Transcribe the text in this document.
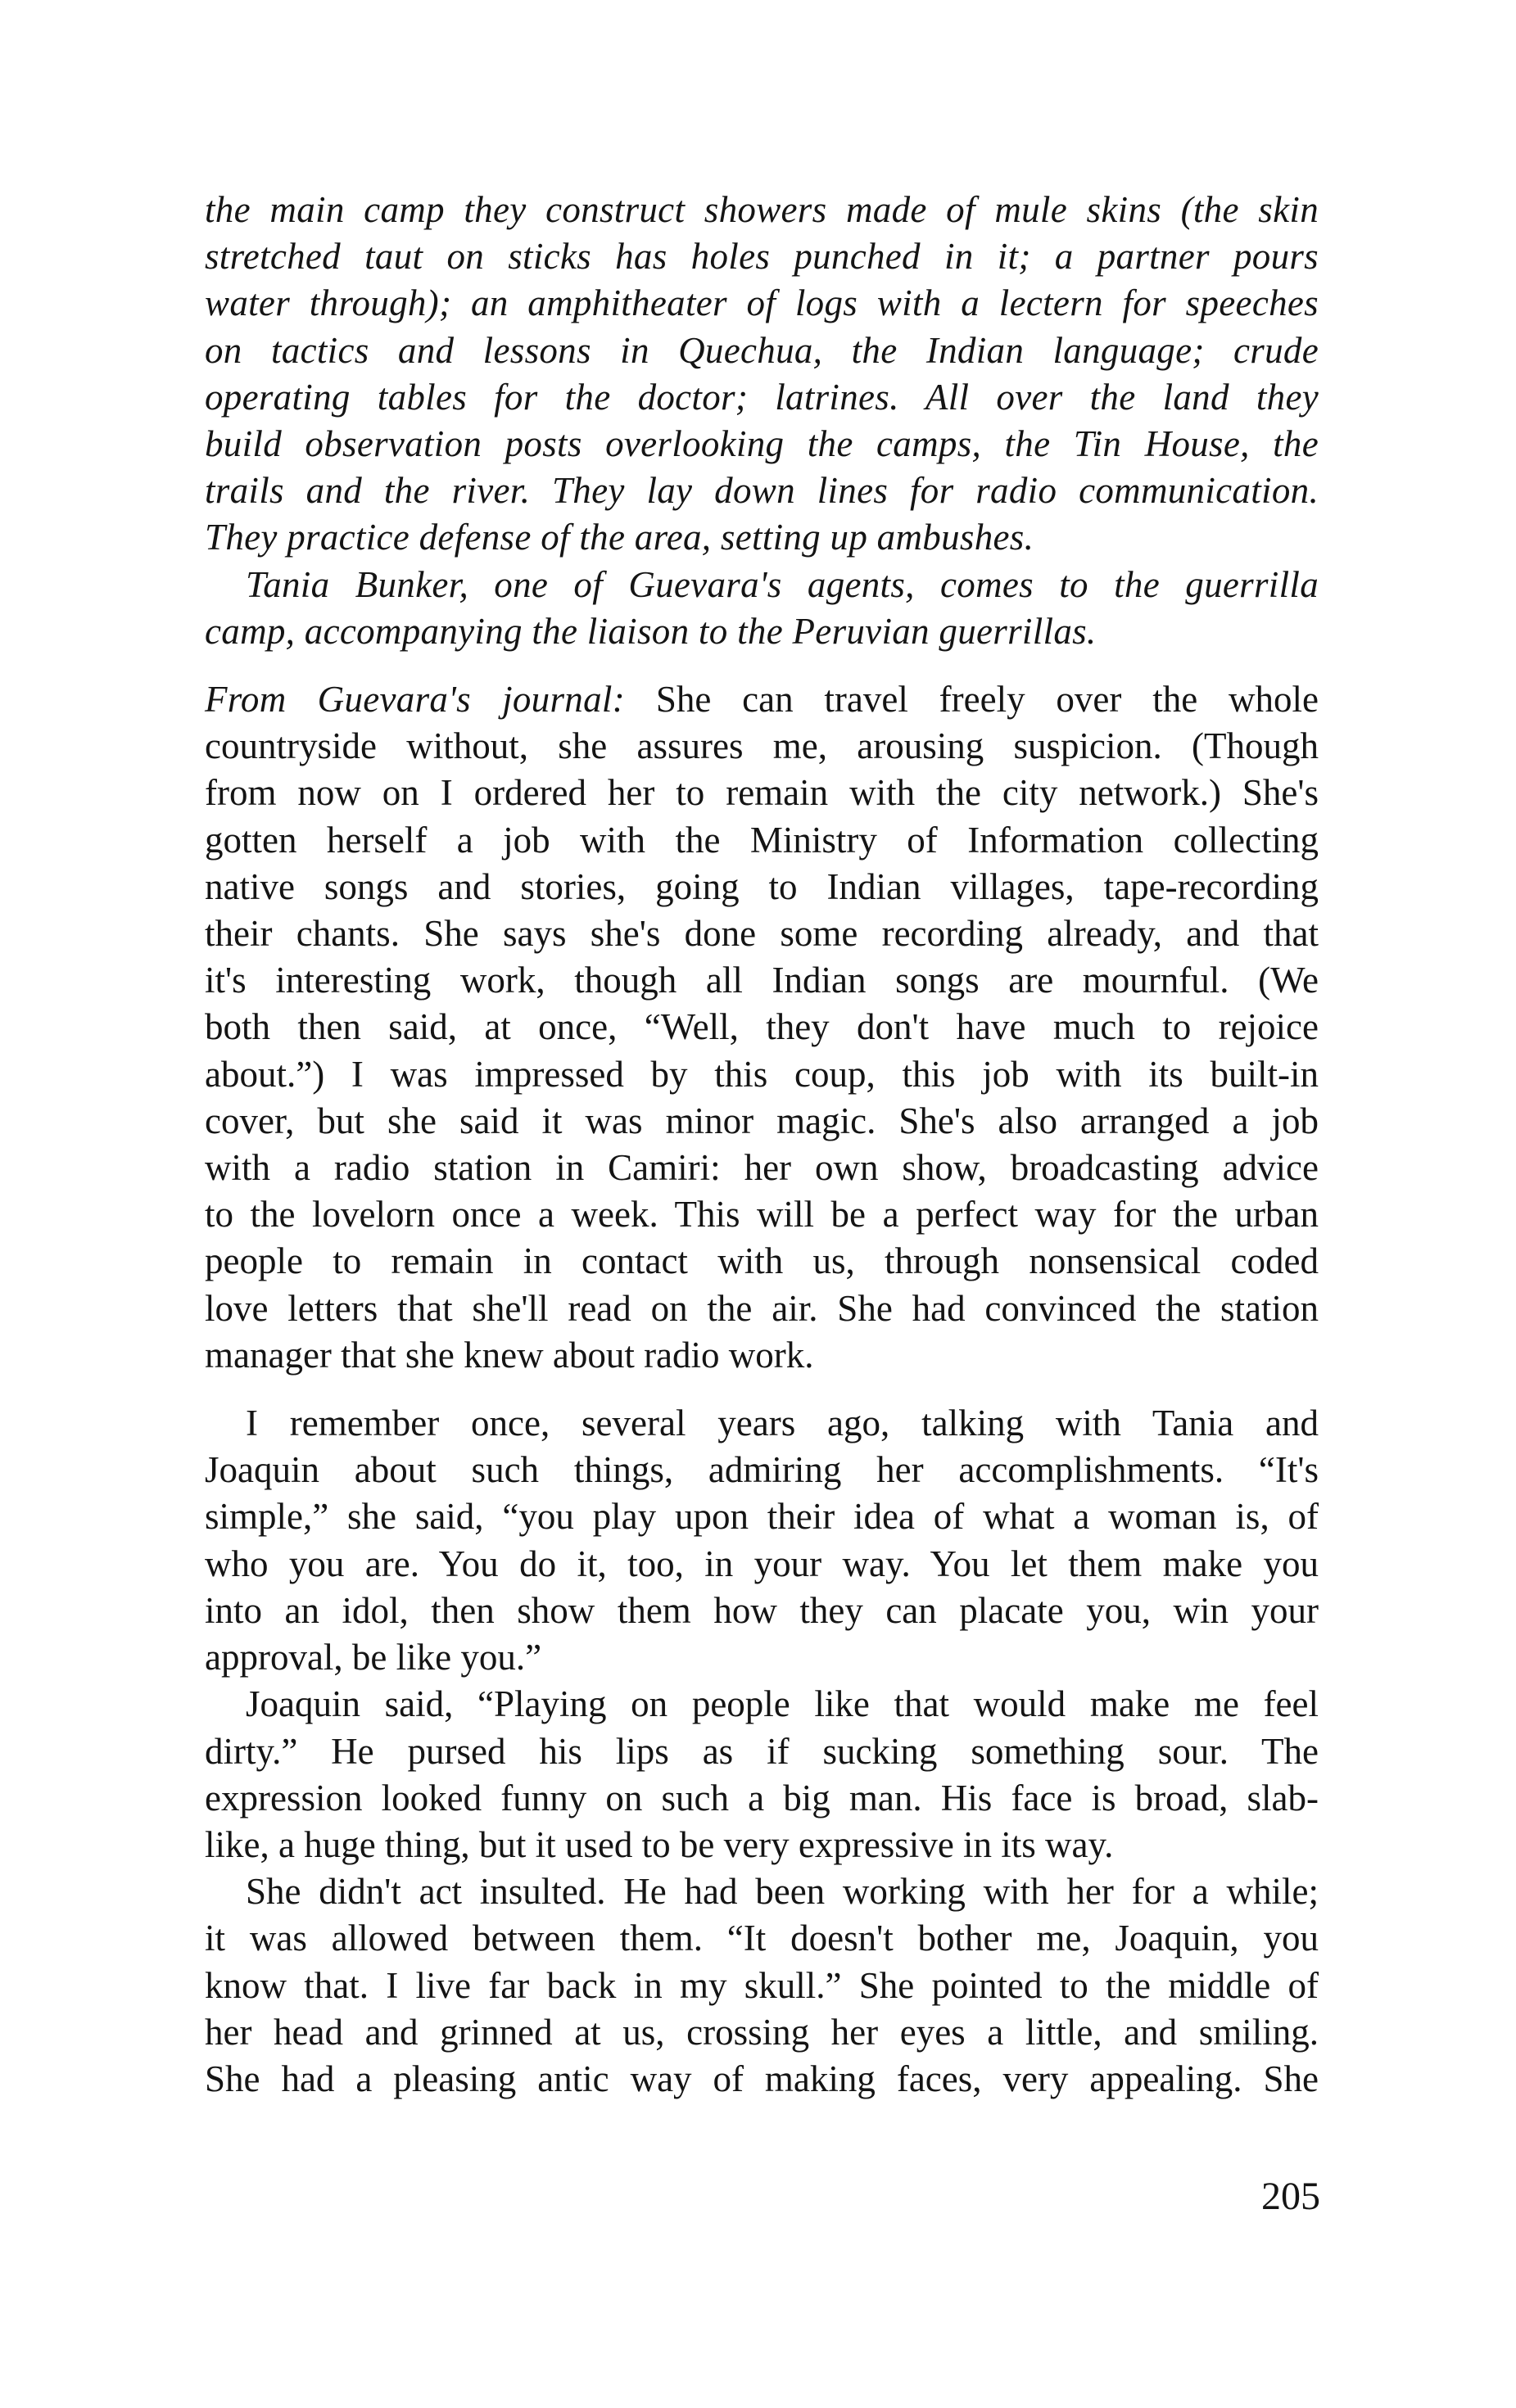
the main camp they construct showers made of mule skins (the skin
stretched taut on sticks has holes punched in it; a partner pours
water through); an amphitheater of logs with a lectern for speeches
on tactics and lessons in Quechua, the Indian language; crude
operating tables for the doctor; latrines. All over the land they
build observation posts overlooking the camps, the Tin House, the
trails and the river. They lay down lines for radio communication.
They practice defense of the area, setting up ambushes.
Tania Bunker, one of Guevara's agents, comes to the guerrilla
camp, accompanying the liaison to the Peruvian guerrillas.
From Guevara's journal: She can travel freely over the whole
countryside without, she assures me, arousing suspicion. (Though
from now on I ordered her to remain with the city network.) She's
gotten herself a job with the Ministry of Information collecting
native songs and stories, going to Indian villages, tape-recording
their chants. She says she's done some recording already, and that
it's interesting work, though all Indian songs are mournful. (We
both then said, at once, “Well, they don't have much to rejoice
about.”) I was impressed by this coup, this job with its built-in
cover, but she said it was minor magic. She's also arranged a job
with a radio station in Camiri: her own show, broadcasting advice
to the lovelorn once a week. This will be a perfect way for the urban
people to remain in contact with us, through nonsensical coded
love letters that she'll read on the air. She had convinced the station
manager that she knew about radio work.
I remember once, several years ago, talking with Tania and
Joaquin about such things, admiring her accomplishments. “It's
simple,” she said, “you play upon their idea of what a woman is, of
who you are. You do it, too, in your way. You let them make you
into an idol, then show them how they can placate you, win your
approval, be like you.”
Joaquin said, “Playing on people like that would make me feel
dirty.” He pursed his lips as if sucking something sour. The
expression looked funny on such a big man. His face is broad, slab-
like, a huge thing, but it used to be very expressive in its way.
She didn't act insulted. He had been working with her for a while;
it was allowed between them. “It doesn't bother me, Joaquin, you
know that. I live far back in my skull.” She pointed to the middle of
her head and grinned at us, crossing her eyes a little, and smiling.
She had a pleasing antic way of making faces, very appealing. She
205
